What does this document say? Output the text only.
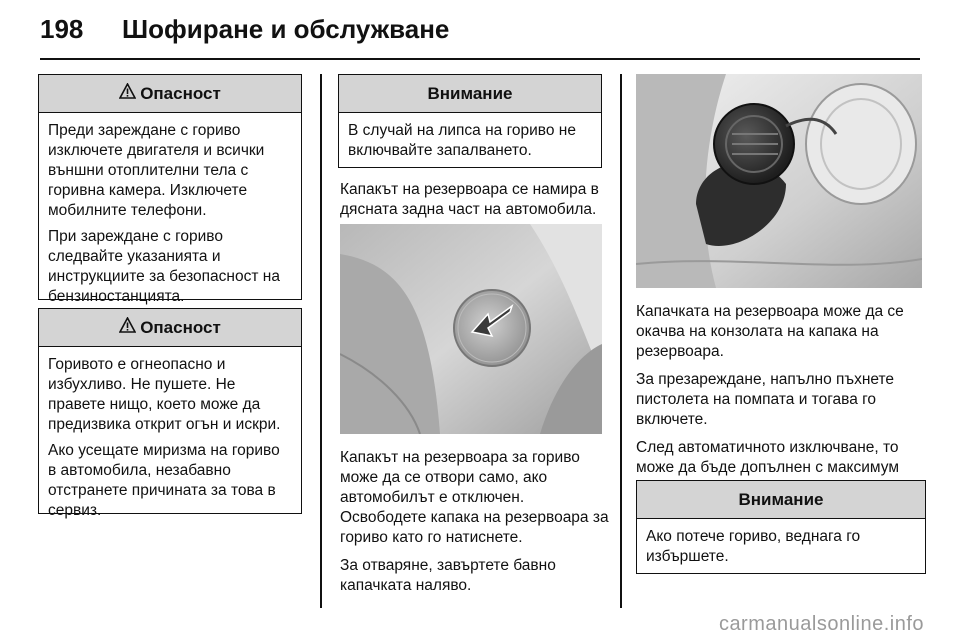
198 Шофиране и обслужване
Опасност

Преди зареждане с гориво изключете двигателя и всички външни отоплителни тела с горивна камера. Изключете мобилните телефони.

При зареждане с гориво следвайте указанията и инструкциите за безопасност на бензиностанцията.

Опасност

Горивото е огнеопасно и избухливо. Не пушете. Не правете нищо, което може да предизвика открит огън и искри.

Ако усещате миризма на гориво в автомобила, незабавно отстранете причината за това в сервиз.

Внимание

В случай на липса на гориво не включвайте запалването.

Капакът на резервоара се намира в дясната задна част на автомобила.

Капакът на резервоара за гориво може да се отвори само, ако автомобилът е отключен. Освободете капака на резервоара за гориво като го натиснете.

За отваряне, завъртете бавно капачката наляво.

Капачката на резервоара може да се окачва на конзолата на капака на резервоара.

За презареждане, напълно пъхнете пистолета на помпата и тогава го включете.

След автоматичното изключване, то може да бъде допълнен с максимум

Внимание

Ако потече гориво, веднага го избършете.

carmanualsonline.info
